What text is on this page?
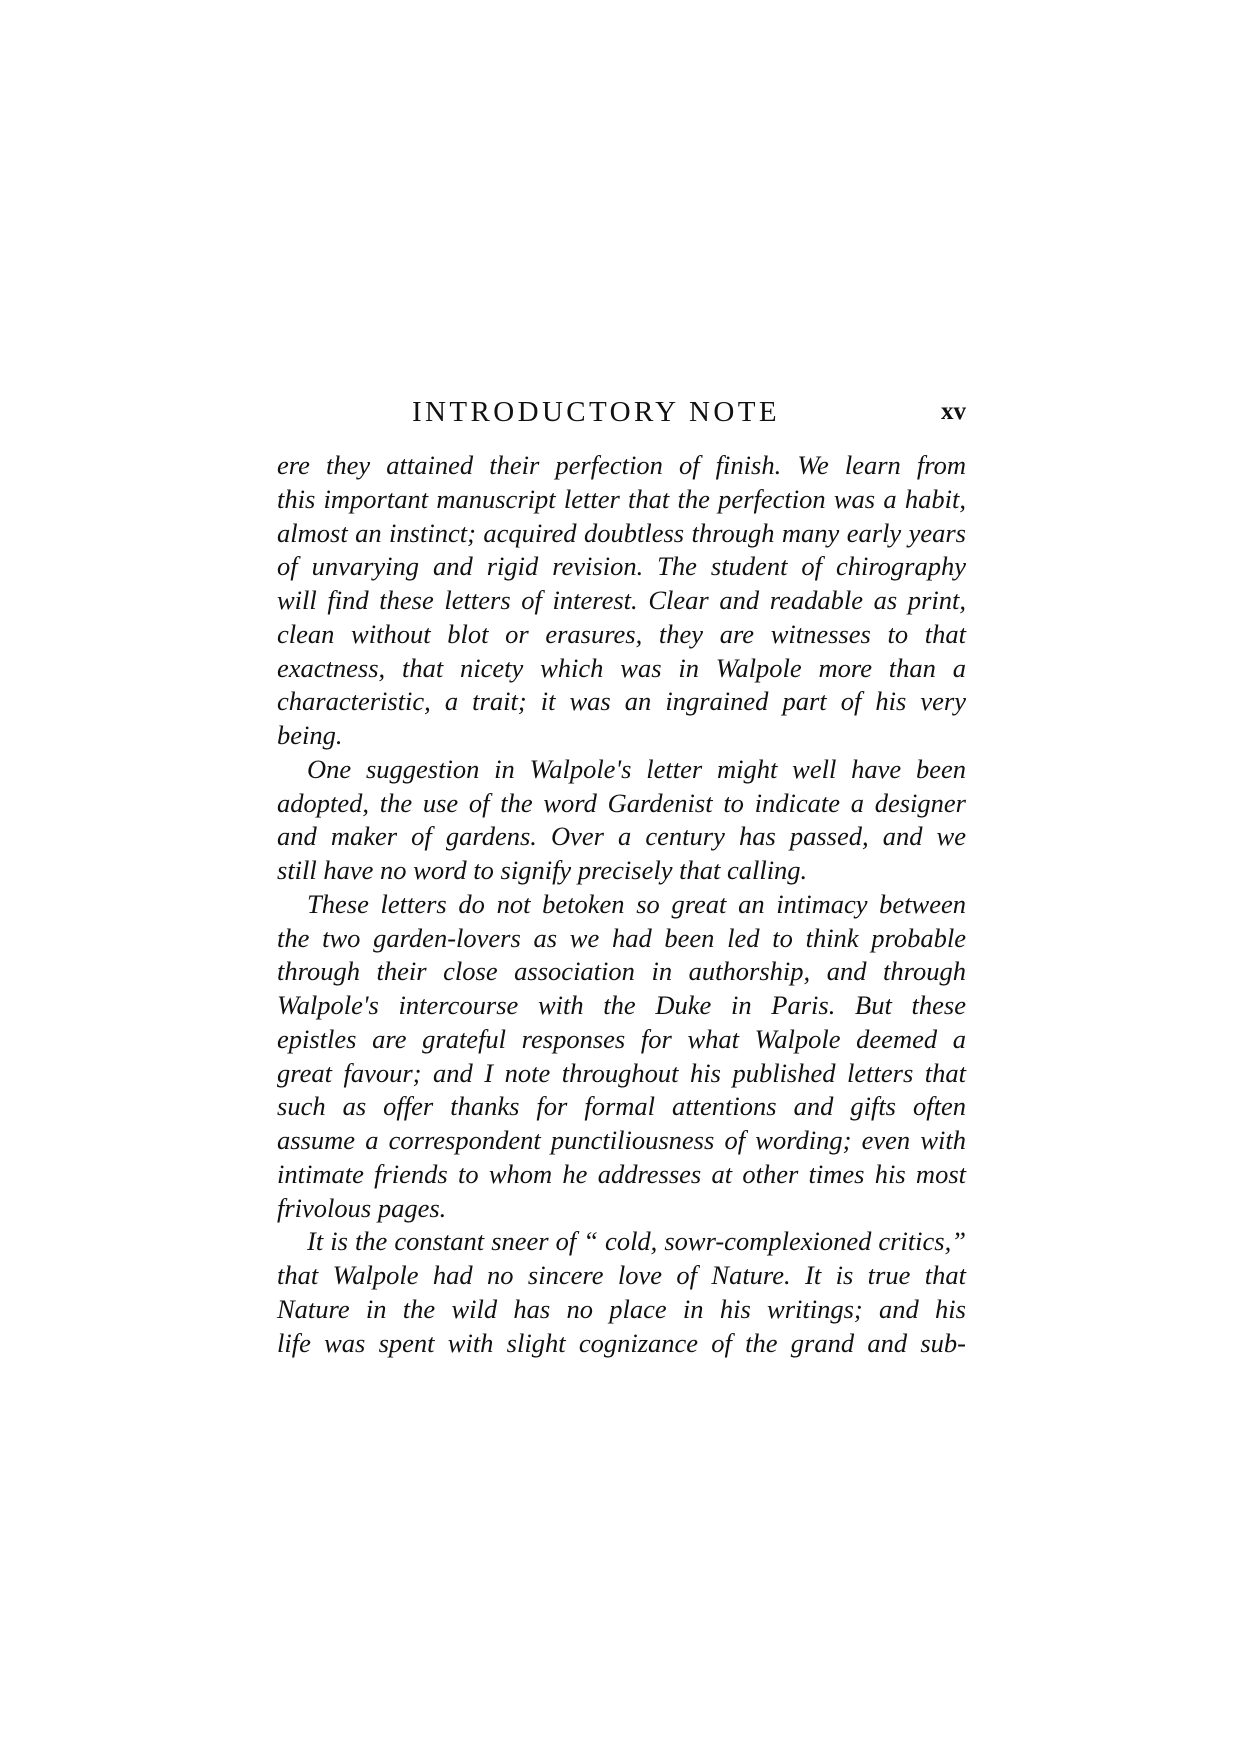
INTRODUCTORY NOTE	xv
ere they attained their perfection of finish. We learn from
this important manuscript letter that the perfection was a habit,
almost an instinct; acquired doubtless through many early years
of unvarying and rigid revision. The student of chirography
will find these letters of interest. Clear and readable as print,
clean without blot or erasures, they are witnesses to that
exactness, that nicety which was in Walpole more than a
characteristic, a trait; it was an ingrained part of his very
being.
One suggestion in Walpole's letter might well have been
adopted, the use of the word Gardenist to indicate a designer
and maker of gardens. Over a century has passed, and we
still have no word to signify precisely that calling.
These letters do not betoken so great an intimacy between
the two garden-lovers as we had been led to think probable
through their close association in authorship, and through
Walpole's intercourse with the Duke in Paris. But these
epistles are grateful responses for what Walpole deemed a
great favour; and I note throughout his published letters that
such as offer thanks for formal attentions and gifts often
assume a correspondent punctiliousness of wording; even with
intimate friends to whom he addresses at other times his most
frivolous pages.
It is the constant sneer of “ cold, sowr-complexioned critics,”
that Walpole had no sincere love of Nature. It is true that
Nature in the wild has no place in his writings; and his
life was spent with slight cognizance of the grand and sub-
